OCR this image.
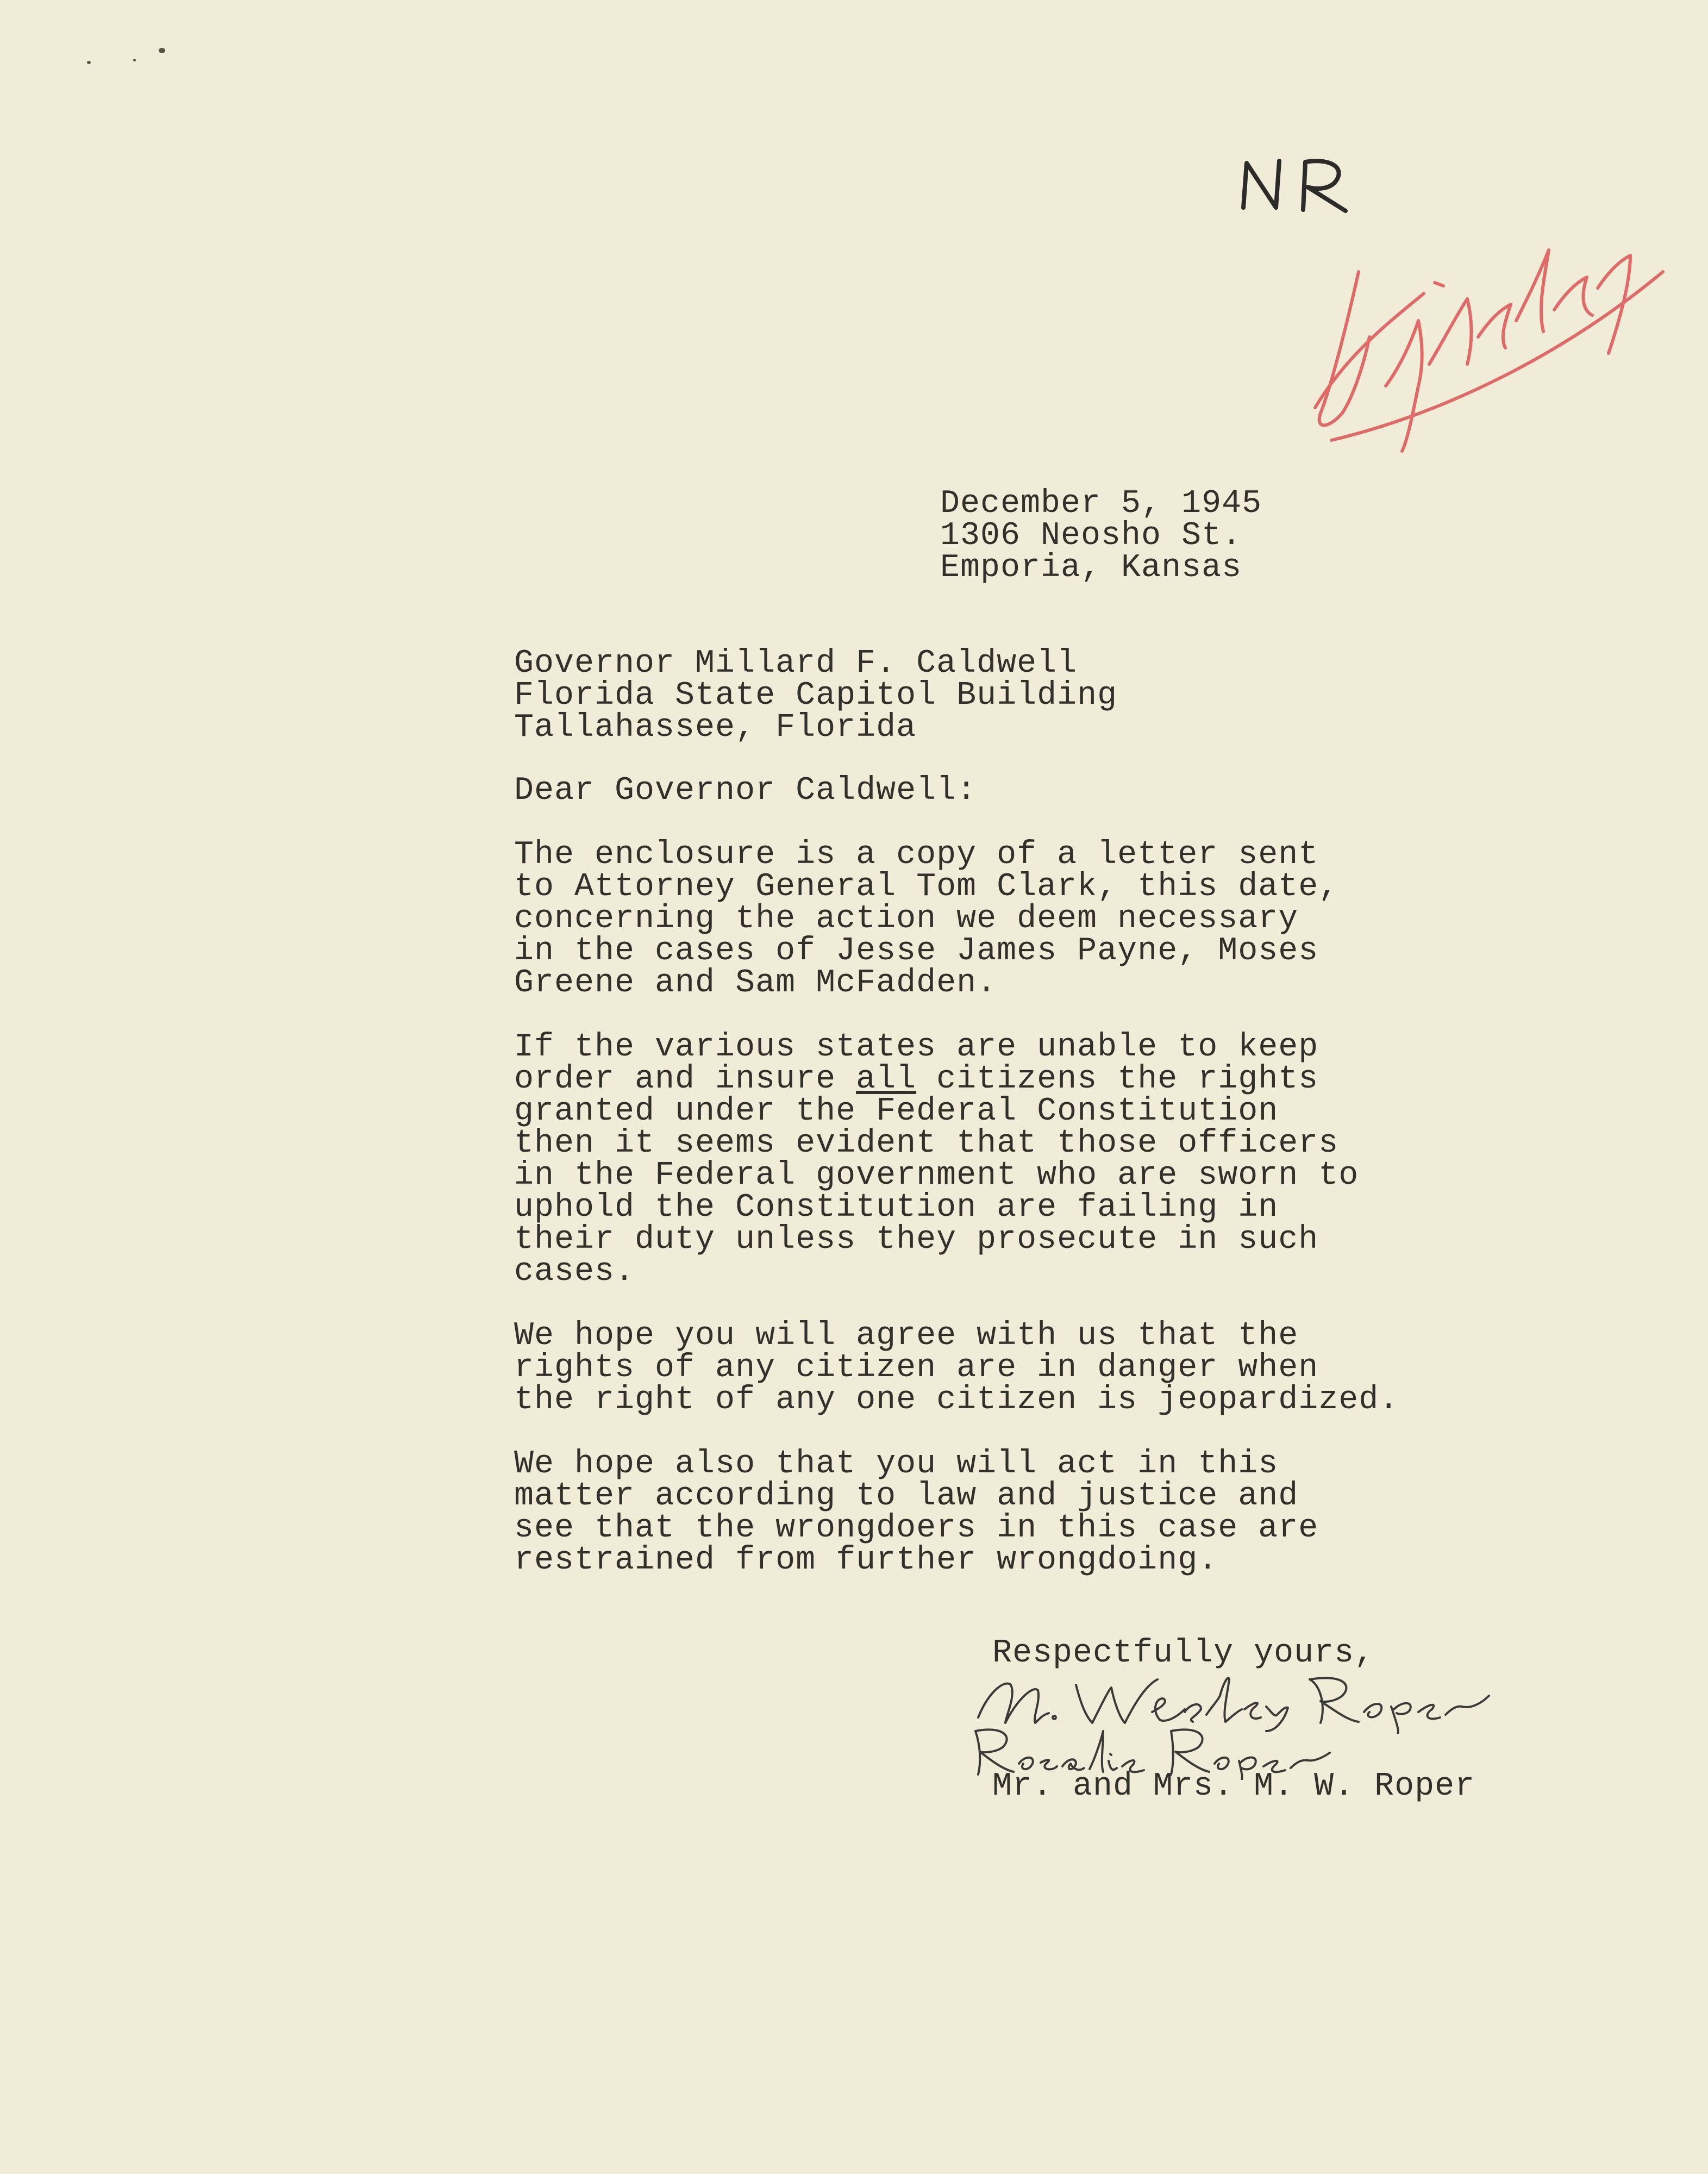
December 5, 1945
1306 Neosho St.
Emporia, Kansas
Governor Millard F. Caldwell
Florida State Capitol Building
Tallahassee, Florida
Dear Governor Caldwell:
The enclosure is a copy of a letter sent
to Attorney General Tom Clark, this date,
concerning the action we deem necessary
in the cases of Jesse James Payne, Moses
Greene and Sam McFadden.
If the various states are unable to keep
order and insure all citizens the rights
granted under the Federal Constitution
then it seems evident that those officers
in the Federal government who are sworn to
uphold the Constitution are failing in
their duty unless they prosecute in such
cases.
We hope you will agree with us that the
rights of any citizen are in danger when
the right of any one citizen is jeopardized.
We hope also that you will act in this
matter according to law and justice and
see that the wrongdoers in this case are
restrained from further wrongdoing.
Respectfully yours,
Mr. and Mrs. M. W. Roper
